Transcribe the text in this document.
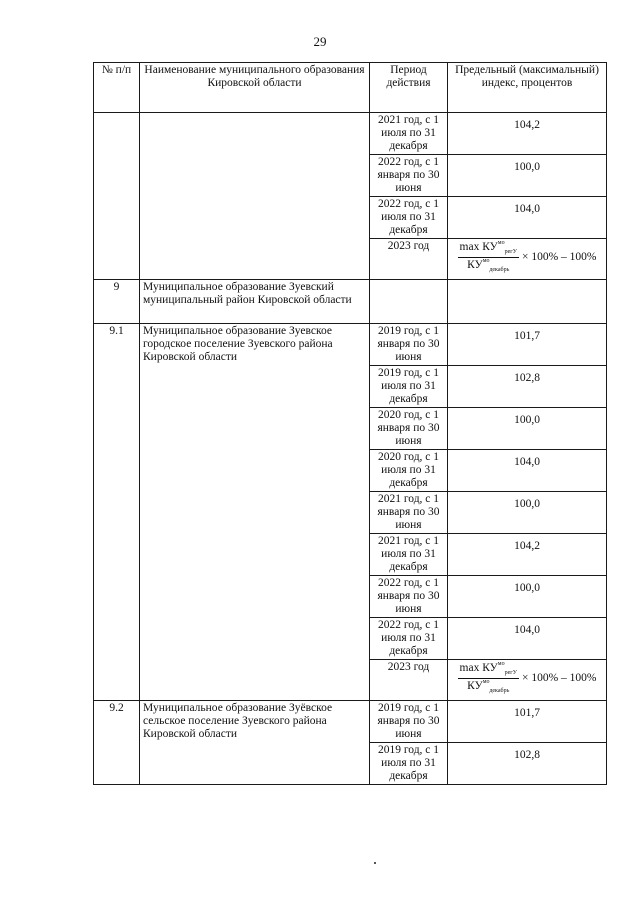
29
№ п/п	Наименование муниципального образования Кировской области	Период действия	Предельный (максимальный) индекс, процентов
		2021 год, с 1 июля по 31 декабря	104,2
		2022 год, с 1 января по 30 июня	100,0
		2022 год, с 1 июля по 31 декабря	104,0
		2023 год	$\frac{\max КУ^{мо}_{регУ}}{КУ^{мо}_{декабрь}} \times 100\% - 100\%$

9	Муниципальное образование Зуевский муниципальный район Кировской области		
9.1	Муниципальное образование Зуевское городское поселение Зуевского района Кировской области	2019 год, с 1 января по 30 июня	101,7
		2019 год, с 1 июля по 31 декабря	102,8
		2020 год, с 1 января по 30 июня	100,0
		2020 год, с 1 июля по 31 декабря	104,0
		2021 год, с 1 января по 30 июня	100,0
		2021 год, с 1 июля по 31 декабря	104,2
		2022 год, с 1 января по 30 июня	100,0
		2022 год, с 1 июля по 31 декабря	104,0
		2023 год	$\frac{\max КУ^{мо}_{регУ}}{КУ^{мо}_{декабрь}} \times 100\% - 100\%$

9.2	Муниципальное образование Зуёвское сельское поселение Зуевского района Кировской области	2019 год, с 1 января по 30 июня	101,7
		2019 год, с 1 июля по 31 декабря	102,8
